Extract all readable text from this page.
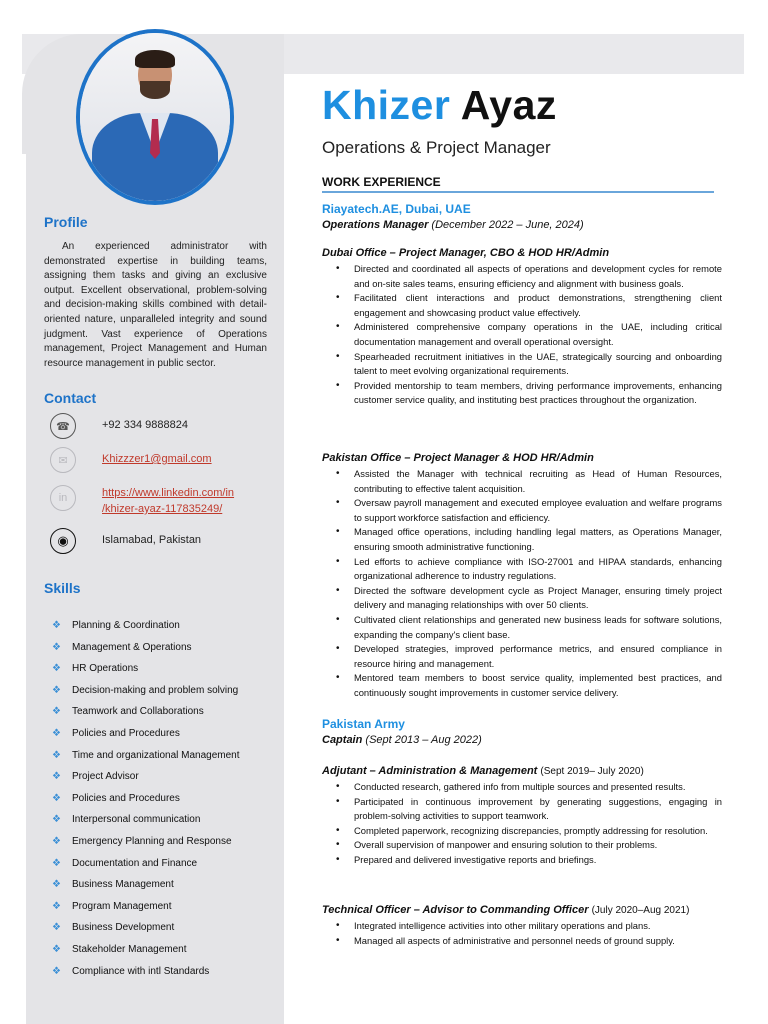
Profile
An experienced administrator with demonstrated expertise in building teams, assigning them tasks and giving an exclusive output. Excellent observational, problem-solving and decision-making skills combined with detail-oriented nature, unparalleled integrity and sound judgment. Vast experience of Operations management, Project Management and Human resource management in public sector.
Contact
☎	+92 334 9888824
✉	Khizzzer1@gmail.com
in	https://www.linkedin.com/in
/khizer-ayaz-117835249/
◉	Islamabad, Pakistan
Skills
❖	Planning & Coordination
❖	Management & Operations
❖	HR Operations
❖	Decision-making and problem solving
❖	Teamwork and Collaborations
❖	Policies and Procedures
❖	Time and organizational Management
❖	Project Advisor
❖	Policies and Procedures
❖	Interpersonal communication
❖	Emergency Planning and Response
❖	Documentation and Finance
❖	Business Management
❖	Program Management
❖	Business Development
❖	Stakeholder Management
❖	Compliance with intl Standards
Khizer Ayaz
Operations & Project Manager
WORK EXPERIENCE
Riayatech.AE, Dubai, UAE
Operations Manager (December 2022 – June, 2024)
Dubai Office – Project Manager, CBO & HOD HR/Admin
• Directed and coordinated all aspects of operations and development cycles for remote and on-site sales teams, ensuring efficiency and alignment with business goals.
• Facilitated client interactions and product demonstrations, strengthening client engagement and showcasing product value effectively.
• Administered comprehensive company operations in the UAE, including critical documentation management and overall operational oversight.
• Spearheaded recruitment initiatives in the UAE, strategically sourcing and onboarding talent to meet evolving organizational requirements.
• Provided mentorship to team members, driving performance improvements, enhancing customer service quality, and instituting best practices throughout the organization.
Pakistan Office – Project Manager & HOD HR/Admin
• Assisted the Manager with technical recruiting as Head of Human Resources, contributing to effective talent acquisition.
• Oversaw payroll management and executed employee evaluation and welfare programs to support workforce satisfaction and efficiency.
• Managed office operations, including handling legal matters, as Operations Manager, ensuring smooth administrative functioning.
• Led efforts to achieve compliance with ISO-27001 and HIPAA standards, enhancing organizational adherence to industry regulations.
• Directed the software development cycle as Project Manager, ensuring timely project delivery and managing relationships with over 50 clients.
• Cultivated client relationships and generated new business leads for software solutions, expanding the company's client base.
• Developed strategies, improved performance metrics, and ensured compliance in resource hiring and management.
• Mentored team members to boost service quality, implemented best practices, and continuously sought improvements in customer service delivery.
Pakistan Army
Captain (Sept 2013 – Aug 2022)
Adjutant – Administration & Management (Sept 2019– July 2020)
• Conducted research, gathered info from multiple sources and presented results.
• Participated in continuous improvement by generating suggestions, engaging in problem-solving activities to support teamwork.
• Completed paperwork, recognizing discrepancies, promptly addressing for resolution.
• Overall supervision of manpower and ensuring solution to their problems.
• Prepared and delivered investigative reports and briefings.
Technical Officer – Advisor to Commanding Officer (July 2020–Aug 2021)
• Integrated intelligence activities into other military operations and plans.
• Managed all aspects of administrative and personnel needs of ground supply.
